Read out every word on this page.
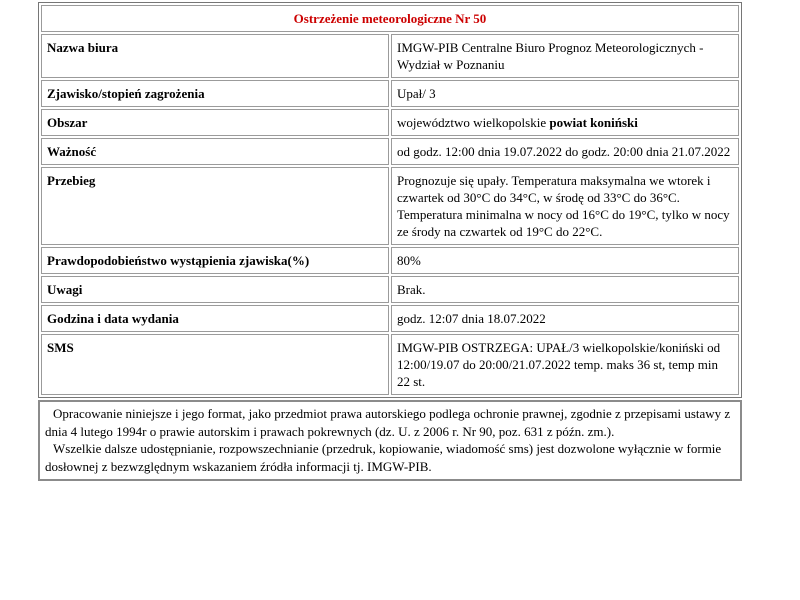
Ostrzeżenie meteorologiczne Nr 50	
Nazwa biura	IMGW-PIB Centralne Biuro Prognoz Meteorologicznych - Wydział w Poznaniu
Zjawisko/stopień zagrożenia	Upał/ 3
Obszar	województwo wielkopolskie powiat koniński
Ważność	od godz. 12:00 dnia 19.07.2022 do godz. 20:00 dnia 21.07.2022
Przebieg	Prognozuje się upały. Temperatura maksymalna we wtorek i czwartek od 30°C do 34°C, w środę od 33°C do 36°C. Temperatura minimalna w nocy od 16°C do 19°C, tylko w nocy ze środy na czwartek od 19°C do 22°C.
Prawdopodobieństwo wystąpienia zjawiska(%)	80%
Uwagi	Brak.
Godzina i data wydania	godz. 12:07 dnia 18.07.2022
SMS	IMGW-PIB OSTRZEGA: UPAŁ/3 wielkopolskie/koniński od 12:00/19.07 do 20:00/21.07.2022 temp. maks 36 st, temp min 22 st.

Opracowanie niniejsze i jego format, jako przedmiot prawa autorskiego podlega ochronie prawnej, zgodnie z przepisami ustawy z dnia 4 lutego 1994r o prawie autorskim i prawach pokrewnych (dz. U. z 2006 r. Nr 90, poz. 631 z późn. zm.).

Wszelkie dalsze udostępnianie, rozpowszechnianie (przedruk, kopiowanie, wiadomość sms) jest dozwolone wyłącznie w formie dosłownej z bezwzględnym wskazaniem źródła informacji tj. IMGW-PIB.
